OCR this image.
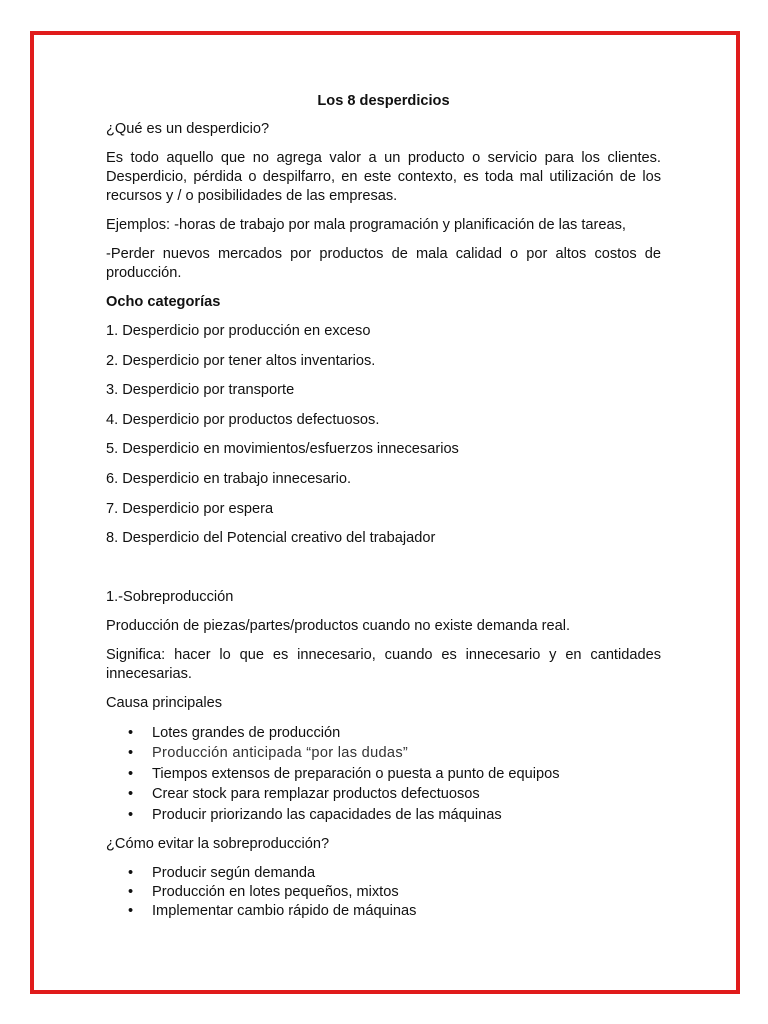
Los 8 desperdicios

¿Qué es un desperdicio?

Es todo aquello que no agrega valor a un producto o servicio para los clientes. Desperdicio, pérdida o despilfarro, en este contexto, es toda mal utilización de los recursos y / o posibilidades de las empresas.

Ejemplos: -horas de trabajo por mala programación y planificación de las tareas,

-Perder nuevos mercados por productos de mala calidad o por altos costos de producción.

Ocho categorías

1. Desperdicio por producción en exceso

2. Desperdicio por tener altos inventarios.

3. Desperdicio por transporte

4. Desperdicio por productos defectuosos.

5. Desperdicio en movimientos/esfuerzos innecesarios

6. Desperdicio en trabajo innecesario.

7. Desperdicio por espera

8. Desperdicio del Potencial creativo del trabajador

1.-Sobreproducción

Producción de piezas/partes/productos cuando no existe demanda real.

Significa: hacer lo que es innecesario, cuando es innecesario y en cantidades innecesarias.

Causa principales

• Lotes grandes de producción
• Producción anticipada “por las dudas”
• Tiempos extensos de preparación o puesta a punto de equipos
• Crear stock para remplazar productos defectuosos
• Producir priorizando las capacidades de las máquinas

¿Cómo evitar la sobreproducción?

• Producir según demanda
• Producción en lotes pequeños, mixtos
• Implementar cambio rápido de máquinas
